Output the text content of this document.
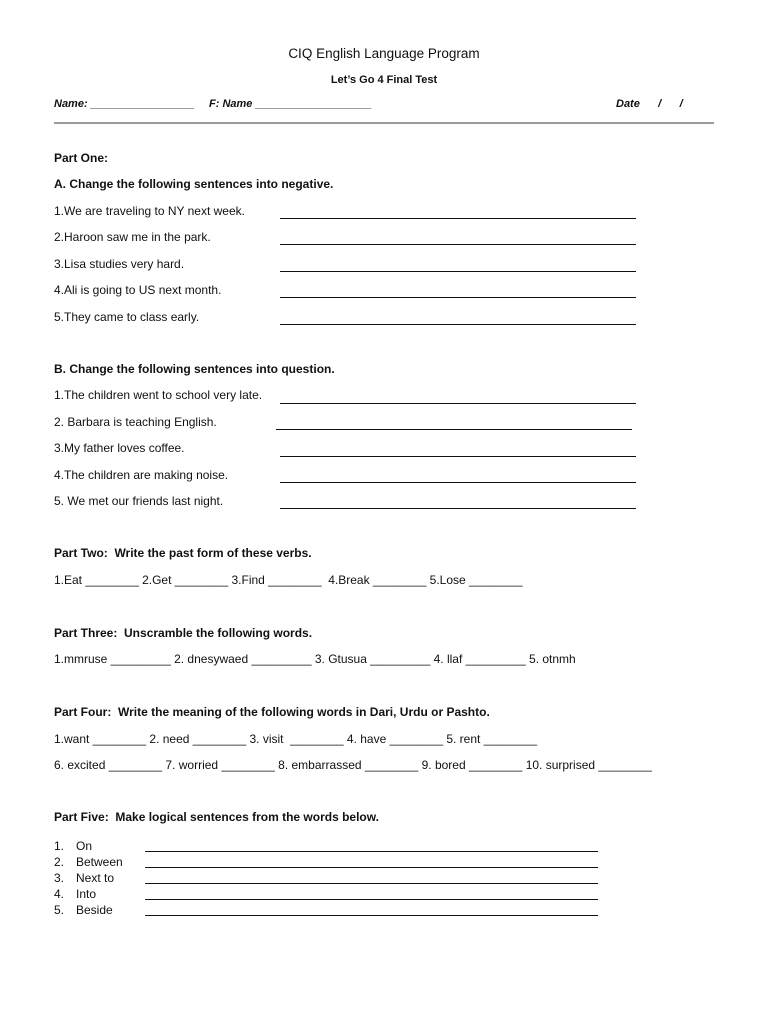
CIQ English Language Program
Let’s Go 4 Final Test
Name: _________________ F: Name ___________________	Date      /      /
Part One:
A. Change the following sentences into negative.
1.We are traveling to NY next week.
2.Haroon saw me in the park.
3.Lisa studies very hard.
4.Ali is going to US next month.
5.They came to class early.
B. Change the following sentences into question.
1.The children went to school very late.
2. Barbara is teaching English.
3.My father loves coffee.
4.The children are making noise.
5. We met our friends last night.
Part Two:  Write the past form of these verbs.
1.Eat ________ 2.Get ________ 3.Find ________  4.Break ________ 5.Lose ________
Part Three:  Unscramble the following words.
1.mmruse _________ 2. dnesywaed _________ 3. Gtusua _________ 4. llaf _________ 5. otnmh
Part Four:  Write the meaning of the following words in Dari, Urdu or Pashto.
1.want ________ 2. need ________ 3. visit  ________ 4. have ________ 5. rent ________
6. excited ________ 7. worried ________ 8. embarrassed ________ 9. bored ________ 10. surprised ________
Part Five:  Make logical sentences from the words below.
1. On
2. Between
3. Next to
4. Into
5. Beside
